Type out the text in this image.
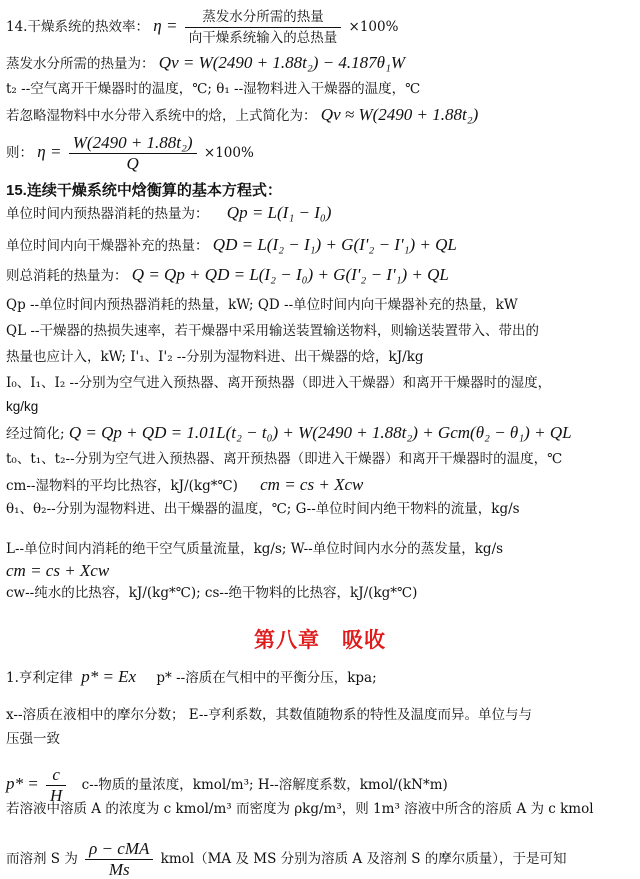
14.干燥系统的热效率： $\eta = \frac{\text{蒸发水分所需的热量}}{\text{向干燥系统输入的总热量}} \times 100\%$
蒸发水分所需的热量为： Qv = W(2490 + 1.88t₂) − 4.187θ₁W
t₂ --空气离开干燥器时的温度，℃; θ₁ --湿物料进入干燥器的温度，℃
若忽略湿物料中水分带入系统中的焓，上式简化为： Qv ≈ W(2490 + 1.88t₂)
则： $\eta = \frac{\text{W(2490 + 1.88t₂)}}{Q} \times 100\%$
15.连续干燥系统中焓衡算的基本方程式：
单位时间内预热器消耗的热量为： Qp = L(I₁ − I₀)
单位时间内向干燥器补充的热量： QD = L(I₂ − I₁) + G(I'₂ − I'₁) + QL
则总消耗的热量为： Q = Qp + QD = L(I₂ − I₀) + G(I'₂ − I'₁) + QL
Qp --单位时间内预热器消耗的热量，kW; QD --单位时间内向干燥器补充的热量，kW
QL --干燥器的热损失速率，若干燥器中采用输送装置输送物料，则输送装置带入、带出的
热量也应计入，kW; I'₁、I'₂ --分别为湿物料进、出干燥器的焓，kJ/kg
I₀、I₁、I₂ --分别为空气进入预热器、离开预热器（即进入干燥器）和离开干燥器时的湿度，
kg/kg
经过简化; Q = Qp + QD = 1.01L(t₂ − t₀) + W(2490 + 1.88t₂) + Gcm(θ₂ − θ₁) + QL
t₀、t₁、t₂--分别为空气进入预热器、离开预热器（即进入干燥器）和离开干燥器时的温度，℃
cm--湿物料的平均比热容，kJ/(kg*℃) cm = cs + Xcw
θ₁、θ₂--分别为湿物料进、出干燥器的温度，℃; G--单位时间内绝干物料的流量，kg/s
L--单位时间内消耗的绝干空气质量流量，kg/s; W--单位时间内水分的蒸发量，kg/s
cm = cs + Xcw
cw--纯水的比热容，kJ/(kg*℃); cs--绝干物料的比热容，kJ/(kg*℃)
第八章　吸收
1.亨利定律 p* = Ex p* --溶质在气相中的平衡分压，kpa;
x--溶质在液相中的摩尔分数； E--亨利系数，其数值随物系的特性及温度而异。单位与与
压强一致
$p* = \frac{c}{H} c--$物质的量浓度，kmol/m³; H--溶解度系数，kmol/(kN*m)
若溶液中溶质 A 的浓度为 c kmol/m³ 而密度为 ρkg/m³，则 1m³ 溶液中所含的溶质 A 为 c kmol
而溶剂 S 为 $\frac{\text{ρ − cMA}}{Ms}$ kmol（MA 及 MS 分别为溶质 A 及溶剂 S 的摩尔质量），于是可知
